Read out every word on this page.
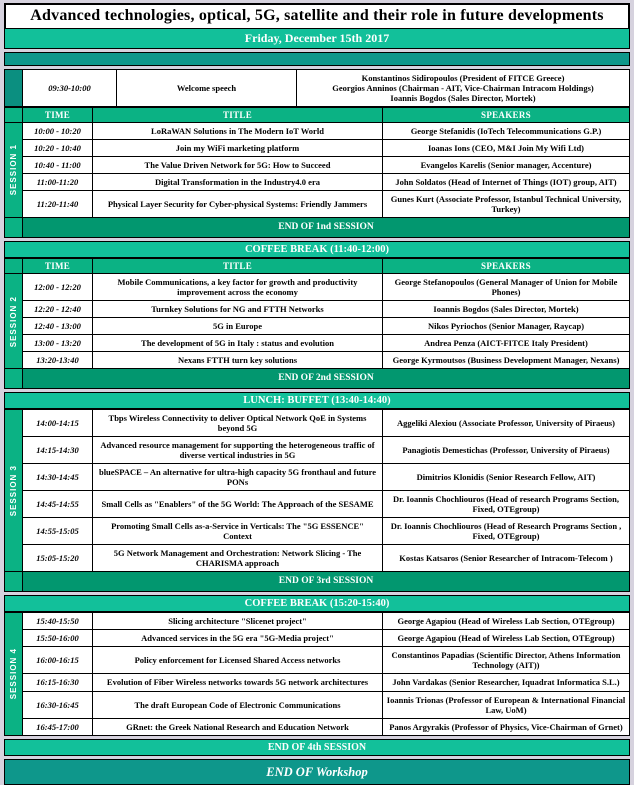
Advanced technologies, optical, 5G, satellite and their role in future developments
Friday, December 15th 2017
	09:30-10:00	Welcome speech	
Konstantinos Sidiropoulos (President of FITCE Greece)
Georgios Anninos (Chairman - AIT, Vice-Chairman Intracom Holdings)
Ioannis Bogdos (Sales Director, Mortek)
	TIME	TITLE	SPEAKERS

SESSION 1	10:00 - 10:20	LoRaWAN Solutions in The Modern IoT World	George Stefanidis (IoTech Telecommunications G.P.)
	10:20 - 10:40	Join my WiFi marketing platform	Ioanas Ions (CEO, M&I Join My Wifi Ltd)
	10:40 - 11:00	The Value Driven Network for 5G: How to Succeed	Evangelos Karelis (Senior manager, Accenture)
	11:00-11:20	Digital Transformation in the Industry4.0 era	John Soldatos (Head of Internet of Things (IOT) group, AIT)
	11:20-11:40	Physical Layer Security for Cyber-physical Systems: Friendly Jammers	Gunes Kurt (Associate Professor, Istanbul Technical University, Turkey)
	END OF 1nd SESSION		
COFFEE BREAK (11:40-12:00)
	TIME	TITLE	SPEAKERS

SESSION 2	12:00 - 12:20	Mobile Communications, a key factor for growth and productivity improvement across the economy	George Stefanopoulos (General Manager of Union for Mobile Phones)
	12:20 - 12:40	Turnkey Solutions for NG and FTTH Networks	Ioannis Bogdos (Sales Director, Mortek)
	12:40 - 13:00	5G in Europe	Nikos Pyriochos (Senior Manager, Raycap)
	13:00 - 13:20	The development of 5G in Italy : status and evolution	Andrea Penza (AICT-FITCE Italy President)
	13:20-13:40	Nexans FTTH turn key solutions	George Kyrmoutsos (Business Development Manager, Nexans)
	END OF 2nd SESSION		
LUNCH: BUFFET (13:40-14:40)
SESSION 3	14:00-14:15	Tbps Wireless Connectivity to deliver Optical Network QoE in Systems beyond 5G	Aggeliki Alexiou (Associate Professor, University of Piraeus)
	14:15-14:30	Advanced resource management for supporting the heterogeneous traffic of diverse vertical industries in 5G	Panagiotis Demestichas (Professor, University of Piraeus)
	14:30-14:45	blueSPACE – An alternative for ultra-high capacity 5G fronthaul and future PONs	Dimitrios Klonidis (Senior Research Fellow, AIT)
	14:45-14:55	Small Cells as "Enablers" of the 5G World: The Approach of the SESAME	Dr. Ioannis Chochliouros (Head of research Programs Section, Fixed, OTEgroup)
	14:55-15:05	Promoting Small Cells as-a-Service in Verticals: The "5G ESSENCE" Context	Dr. Ioannis Chochliouros (Head of Research Programs Section , Fixed, OTEgroup)
	15:05-15:20	5G Network Management and Orchestration: Network Slicing - The CHARISMA approach	Kostas Katsaros (Senior Researcher of Intracom-Telecom )
	END OF 3rd SESSION		
COFFEE BREAK (15:20-15:40)
SESSION 4	15:40-15:50	Slicing architecture "Slicenet project"	George Agapiou (Head of Wireless Lab Section, OTEgroup)
	15:50-16:00	Advanced services in the 5G era "5G-Media project"	George Agapiou (Head of Wireless Lab Section, OTEgroup)
	16:00-16:15	Policy enforcement for Licensed Shared Access networks	Constantinos Papadias (Scientific Director, Athens Information Technology (AIT))
	16:15-16:30	Evolution of Fiber Wireless networks towards 5G network architectures	John Vardakas (Senior Researcher, Iquadrat Informatica S.L.)
	16:30-16:45	The draft European Code of Electronic Communications	Ioannis Trionas (Professor of European & International Financial Law, UoM)
	16:45-17:00	GRnet: the Greek National Research and Education Network	Panos Argyrakis (Professor of Physics, Vice-Chairman of Grnet)
END OF 4th SESSION
END OF Workshop
